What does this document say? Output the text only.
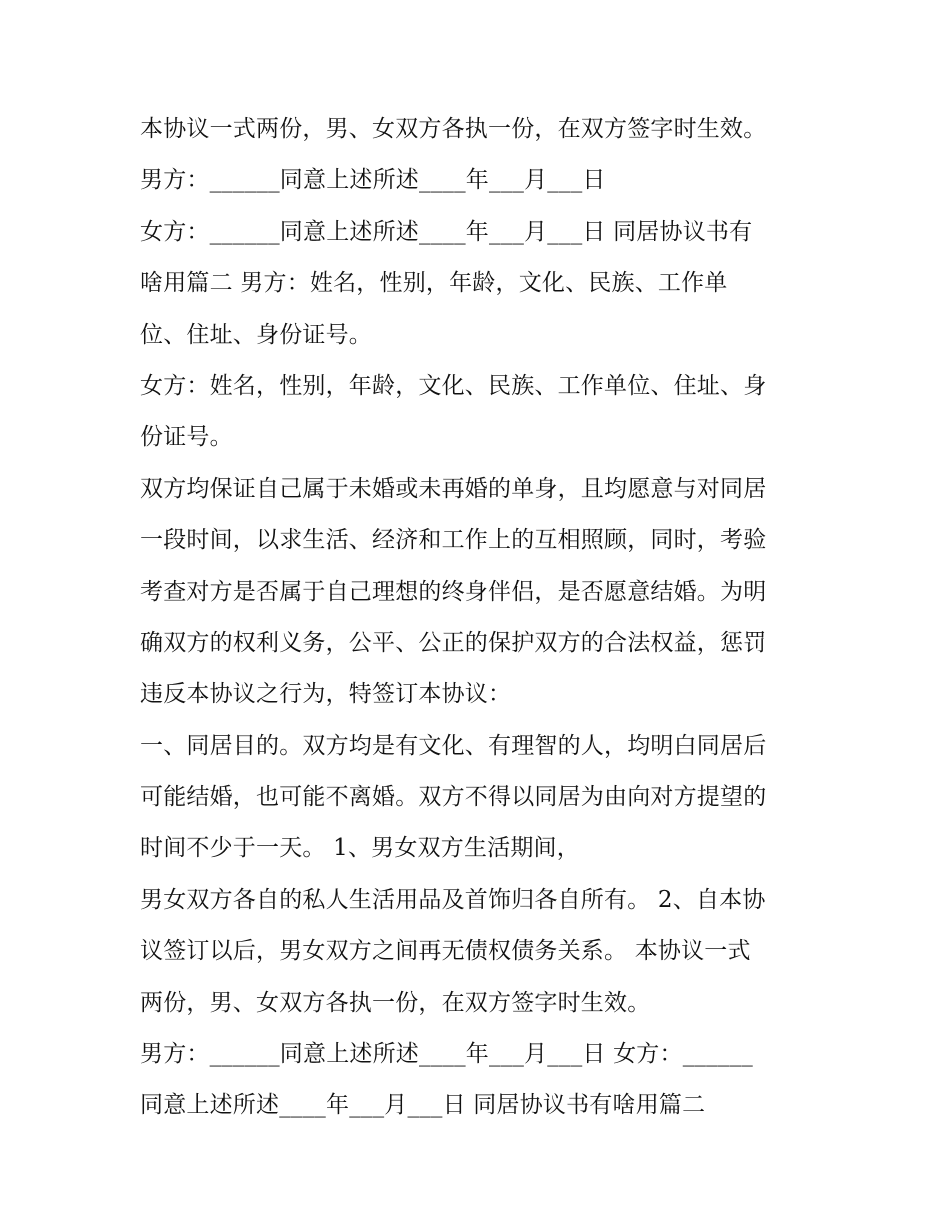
本协议一式两份，男、女双方各执一份，在双方签字时生效。
男方：______同意上述所述____年___月___日
女方：______同意上述所述____年___月___日 同居协议书有
啥用篇二 男方：姓名，性别，年龄，文化、民族、工作单
位、住址、身份证号。
女方：姓名，性别，年龄，文化、民族、工作单位、住址、身
份证号。
双方均保证自己属于未婚或未再婚的单身，且均愿意与对同居
一段时间，以求生活、经济和工作上的互相照顾，同时，考验
考查对方是否属于自己理想的终身伴侣，是否愿意结婚。为明
确双方的权利义务，公平、公正的保护双方的合法权益，惩罚
违反本协议之行为，特签订本协议：
一、同居目的。双方均是有文化、有理智的人，均明白同居后
可能结婚，也可能不离婚。双方不得以同居为由向对方提望的
时间不少于一天。 1、男女双方生活期间，
男女双方各自的私人生活用品及首饰归各自所有。 2、自本协
议签订以后，男女双方之间再无债权债务关系。 本协议一式
两份，男、女双方各执一份，在双方签字时生效。
男方：______同意上述所述____年___月___日 女方：______
同意上述所述____年___月___日 同居协议书有啥用篇二
